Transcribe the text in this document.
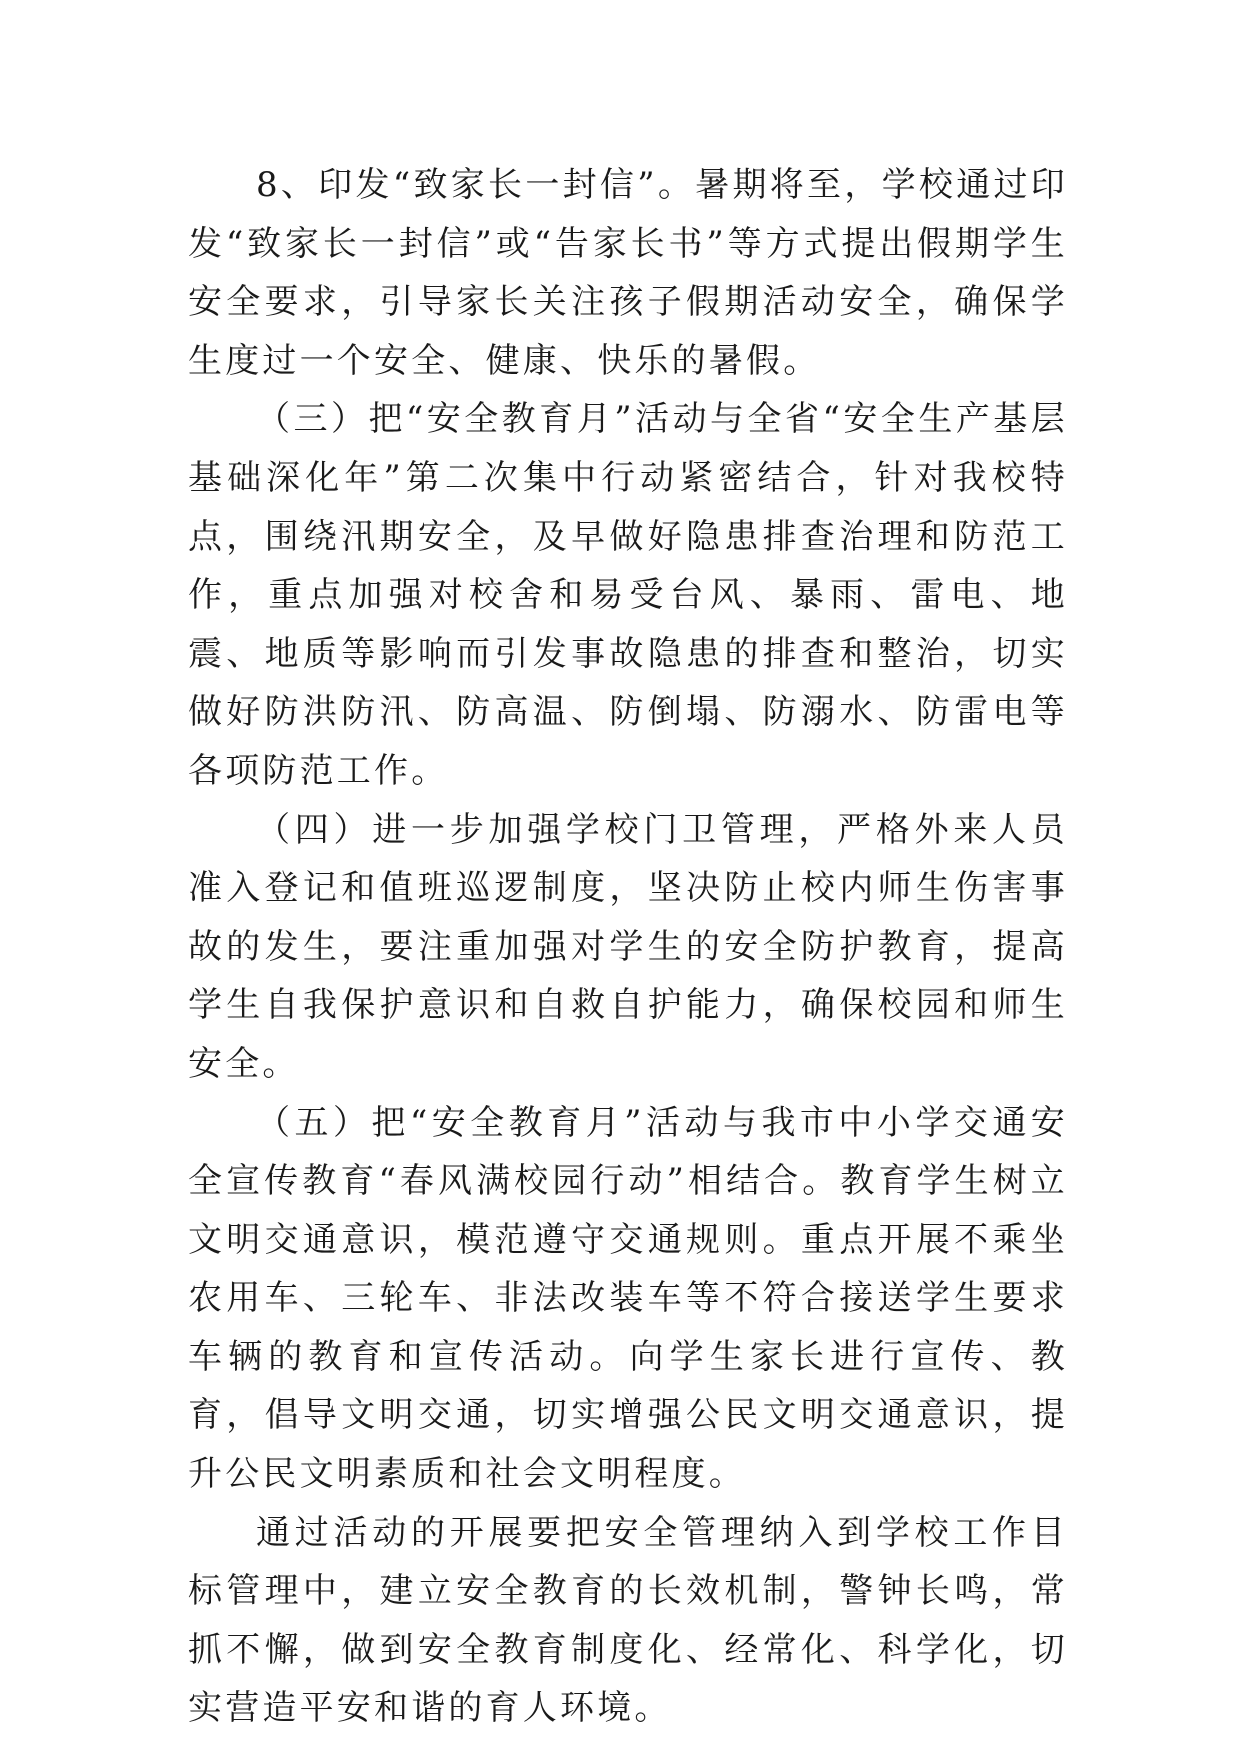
8、印发“致家长一封信”。暑期将至，学校通过印发“致家长一封信”或“告家长书”等方式提出假期学生安全要求，引导家长关注孩子假期活动安全，确保学生度过一个安全、健康、快乐的暑假。

（三）把“安全教育月”活动与全省“安全生产基层基础深化年”第二次集中行动紧密结合，针对我校特点，围绕汛期安全，及早做好隐患排查治理和防范工作，重点加强对校舍和易受台风、暴雨、雷电、地震、地质等影响而引发事故隐患的排查和整治，切实做好防洪防汛、防高温、防倒塌、防溺水、防雷电等各项防范工作。

（四）进一步加强学校门卫管理，严格外来人员准入登记和值班巡逻制度，坚决防止校内师生伤害事故的发生，要注重加强对学生的安全防护教育，提高学生自我保护意识和自救自护能力，确保校园和师生安全。

（五）把“安全教育月”活动与我市中小学交通安全宣传教育“春风满校园行动”相结合。教育学生树立文明交通意识，模范遵守交通规则。重点开展不乘坐农用车、三轮车、非法改装车等不符合接送学生要求车辆的教育和宣传活动。向学生家长进行宣传、教育，倡导文明交通，切实增强公民文明交通意识，提升公民文明素质和社会文明程度。

通过活动的开展要把安全管理纳入到学校工作目标管理中，建立安全教育的长效机制，警钟长鸣，常抓不懈，做到安全教育制度化、经常化、科学化，切实营造平安和谐的育人环境。
